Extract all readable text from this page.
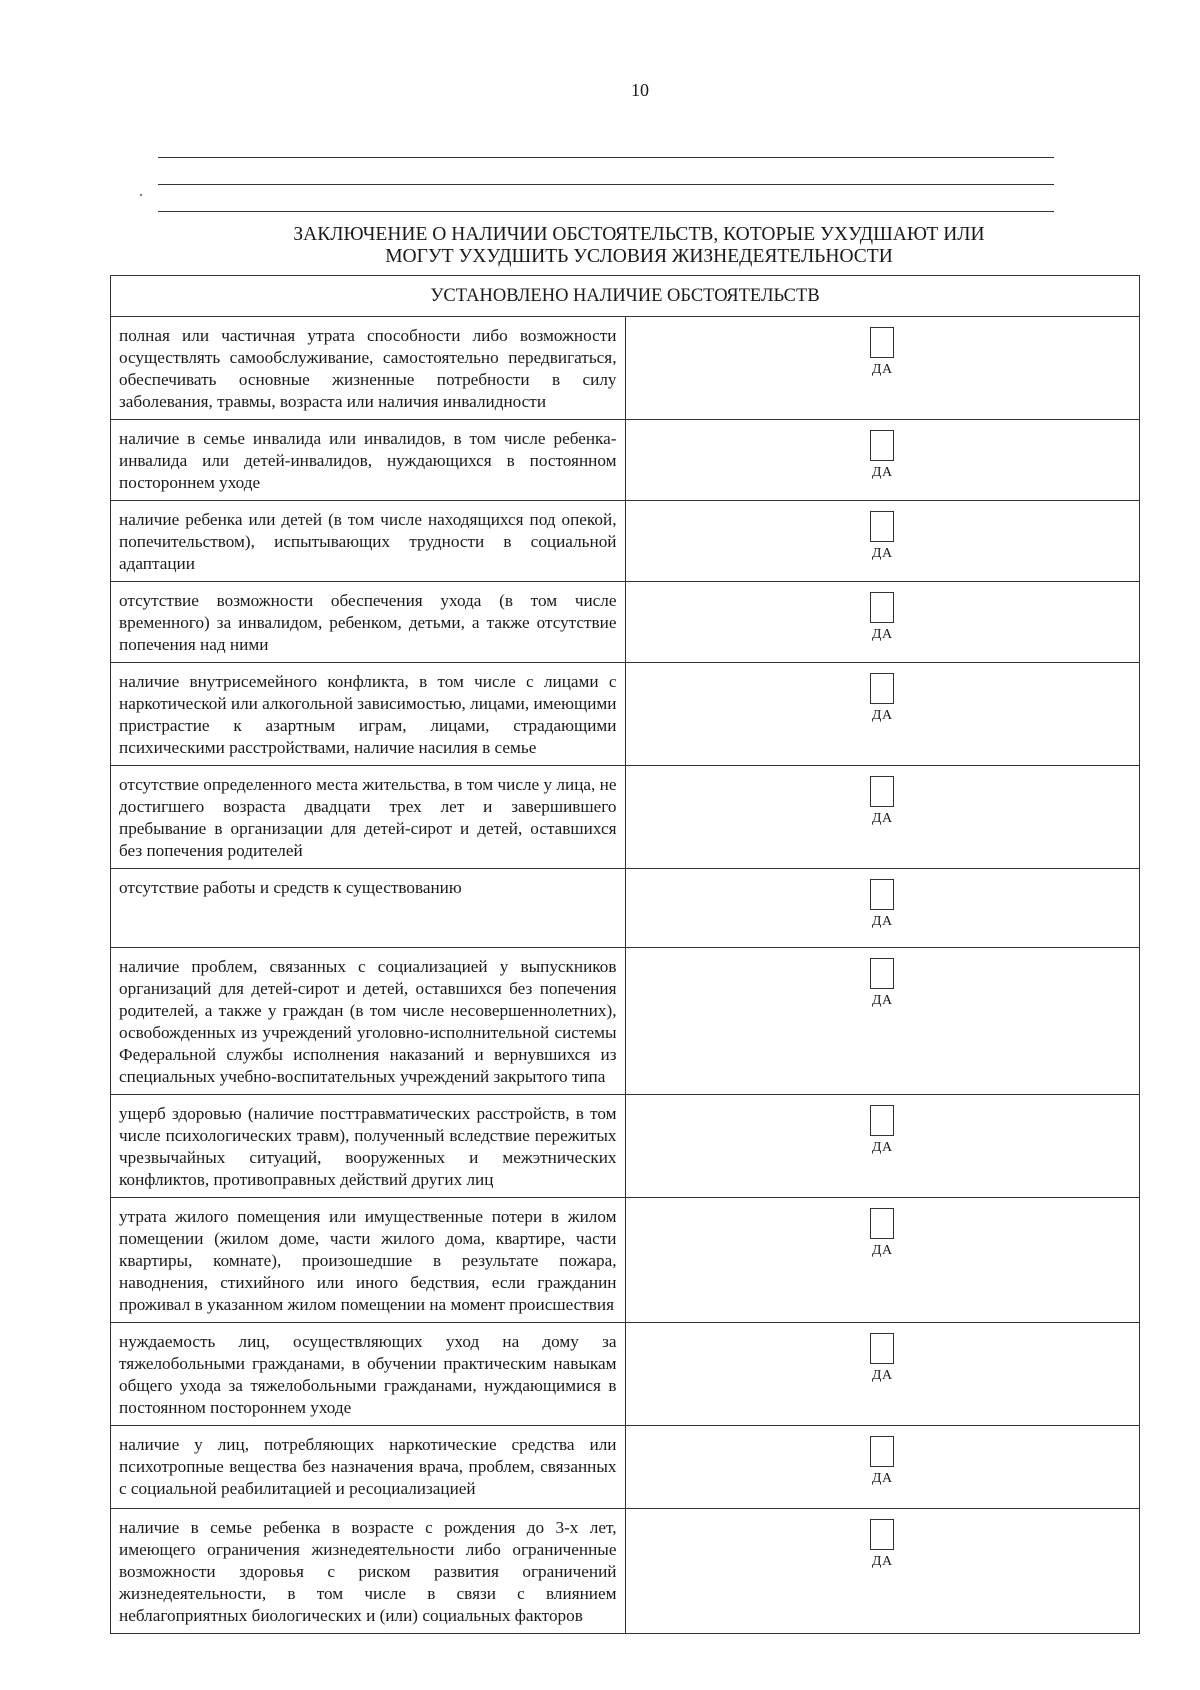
10
ЗАКЛЮЧЕНИЕ О НАЛИЧИИ ОБСТОЯТЕЛЬСТВ, КОТОРЫЕ УХУДШАЮТ ИЛИ
МОГУТ УХУДШИТЬ УСЛОВИЯ ЖИЗНЕДЕЯТЕЛЬНОСТИ
УСТАНОВЛЕНО НАЛИЧИЕ ОБСТОЯТЕЛЬСТВ	
полная или частичная утрата способности либо возможности осуществлять самообслуживание, самостоятельно передвигаться, обеспечивать основные жизненные потребности в силу заболевания, травмы, возраста или наличия инвалидности	ДА

наличие в семье инвалида или инвалидов, в том числе ребенка-инвалида или детей-инвалидов, нуждающихся в постоянном постороннем уходе	ДА

наличие ребенка или детей (в том числе находящихся под опекой, попечительством), испытывающих трудности в социальной адаптации	ДА

отсутствие возможности обеспечения ухода (в том числе временного) за инвалидом, ребенком, детьми, а также отсутствие попечения над ними	ДА

наличие внутрисемейного конфликта, в том числе с лицами с наркотической или алкогольной зависимостью, лицами, имеющими пристрастие к азартным играм, лицами, страдающими психическими расстройствами, наличие насилия в семье	ДА

отсутствие определенного места жительства, в том числе у лица, не достигшего возраста двадцати трех лет и завершившего пребывание в организации для детей-сирот и детей, оставшихся без попечения родителей	ДА

отсутствие работы и средств к существованию	ДА

наличие проблем, связанных с социализацией у выпускников организаций для детей-сирот и детей, оставшихся без попечения родителей, а также у граждан (в том числе несовершеннолетних), освобожденных из учреждений уголовно-исполнительной системы Федеральной службы исполнения наказаний и вернувшихся из специальных учебно-воспитательных учреждений закрытого типа	ДА

ущерб здоровью (наличие посттравматических расстройств, в том числе психологических травм), полученный вследствие пережитых чрезвычайных ситуаций, вооруженных и межэтнических конфликтов, противоправных действий других лиц	ДА

утрата жилого помещения или имущественные потери в жилом помещении (жилом доме, части жилого дома, квартире, части квартиры, комнате), произошедшие в результате пожара, наводнения, стихийного или иного бедствия, если гражданин проживал в указанном жилом помещении на момент происшествия	ДА

нуждаемость лиц, осуществляющих уход на дому за тяжелобольными гражданами, в обучении практическим навыкам общего ухода за тяжелобольными гражданами, нуждающимися в постоянном постороннем уходе	ДА

наличие у лиц, потребляющих наркотические средства или психотропные вещества без назначения врача, проблем, связанных с социальной реабилитацией и ресоциализацией	ДА

наличие в семье ребенка в возрасте с рождения до 3-х лет, имеющего ограничения жизнедеятельности либо ограниченные возможности здоровья с риском развития ограничений жизнедеятельности, в том числе в связи с влиянием неблагоприятных биологических и (или) социальных факторов	ДА
